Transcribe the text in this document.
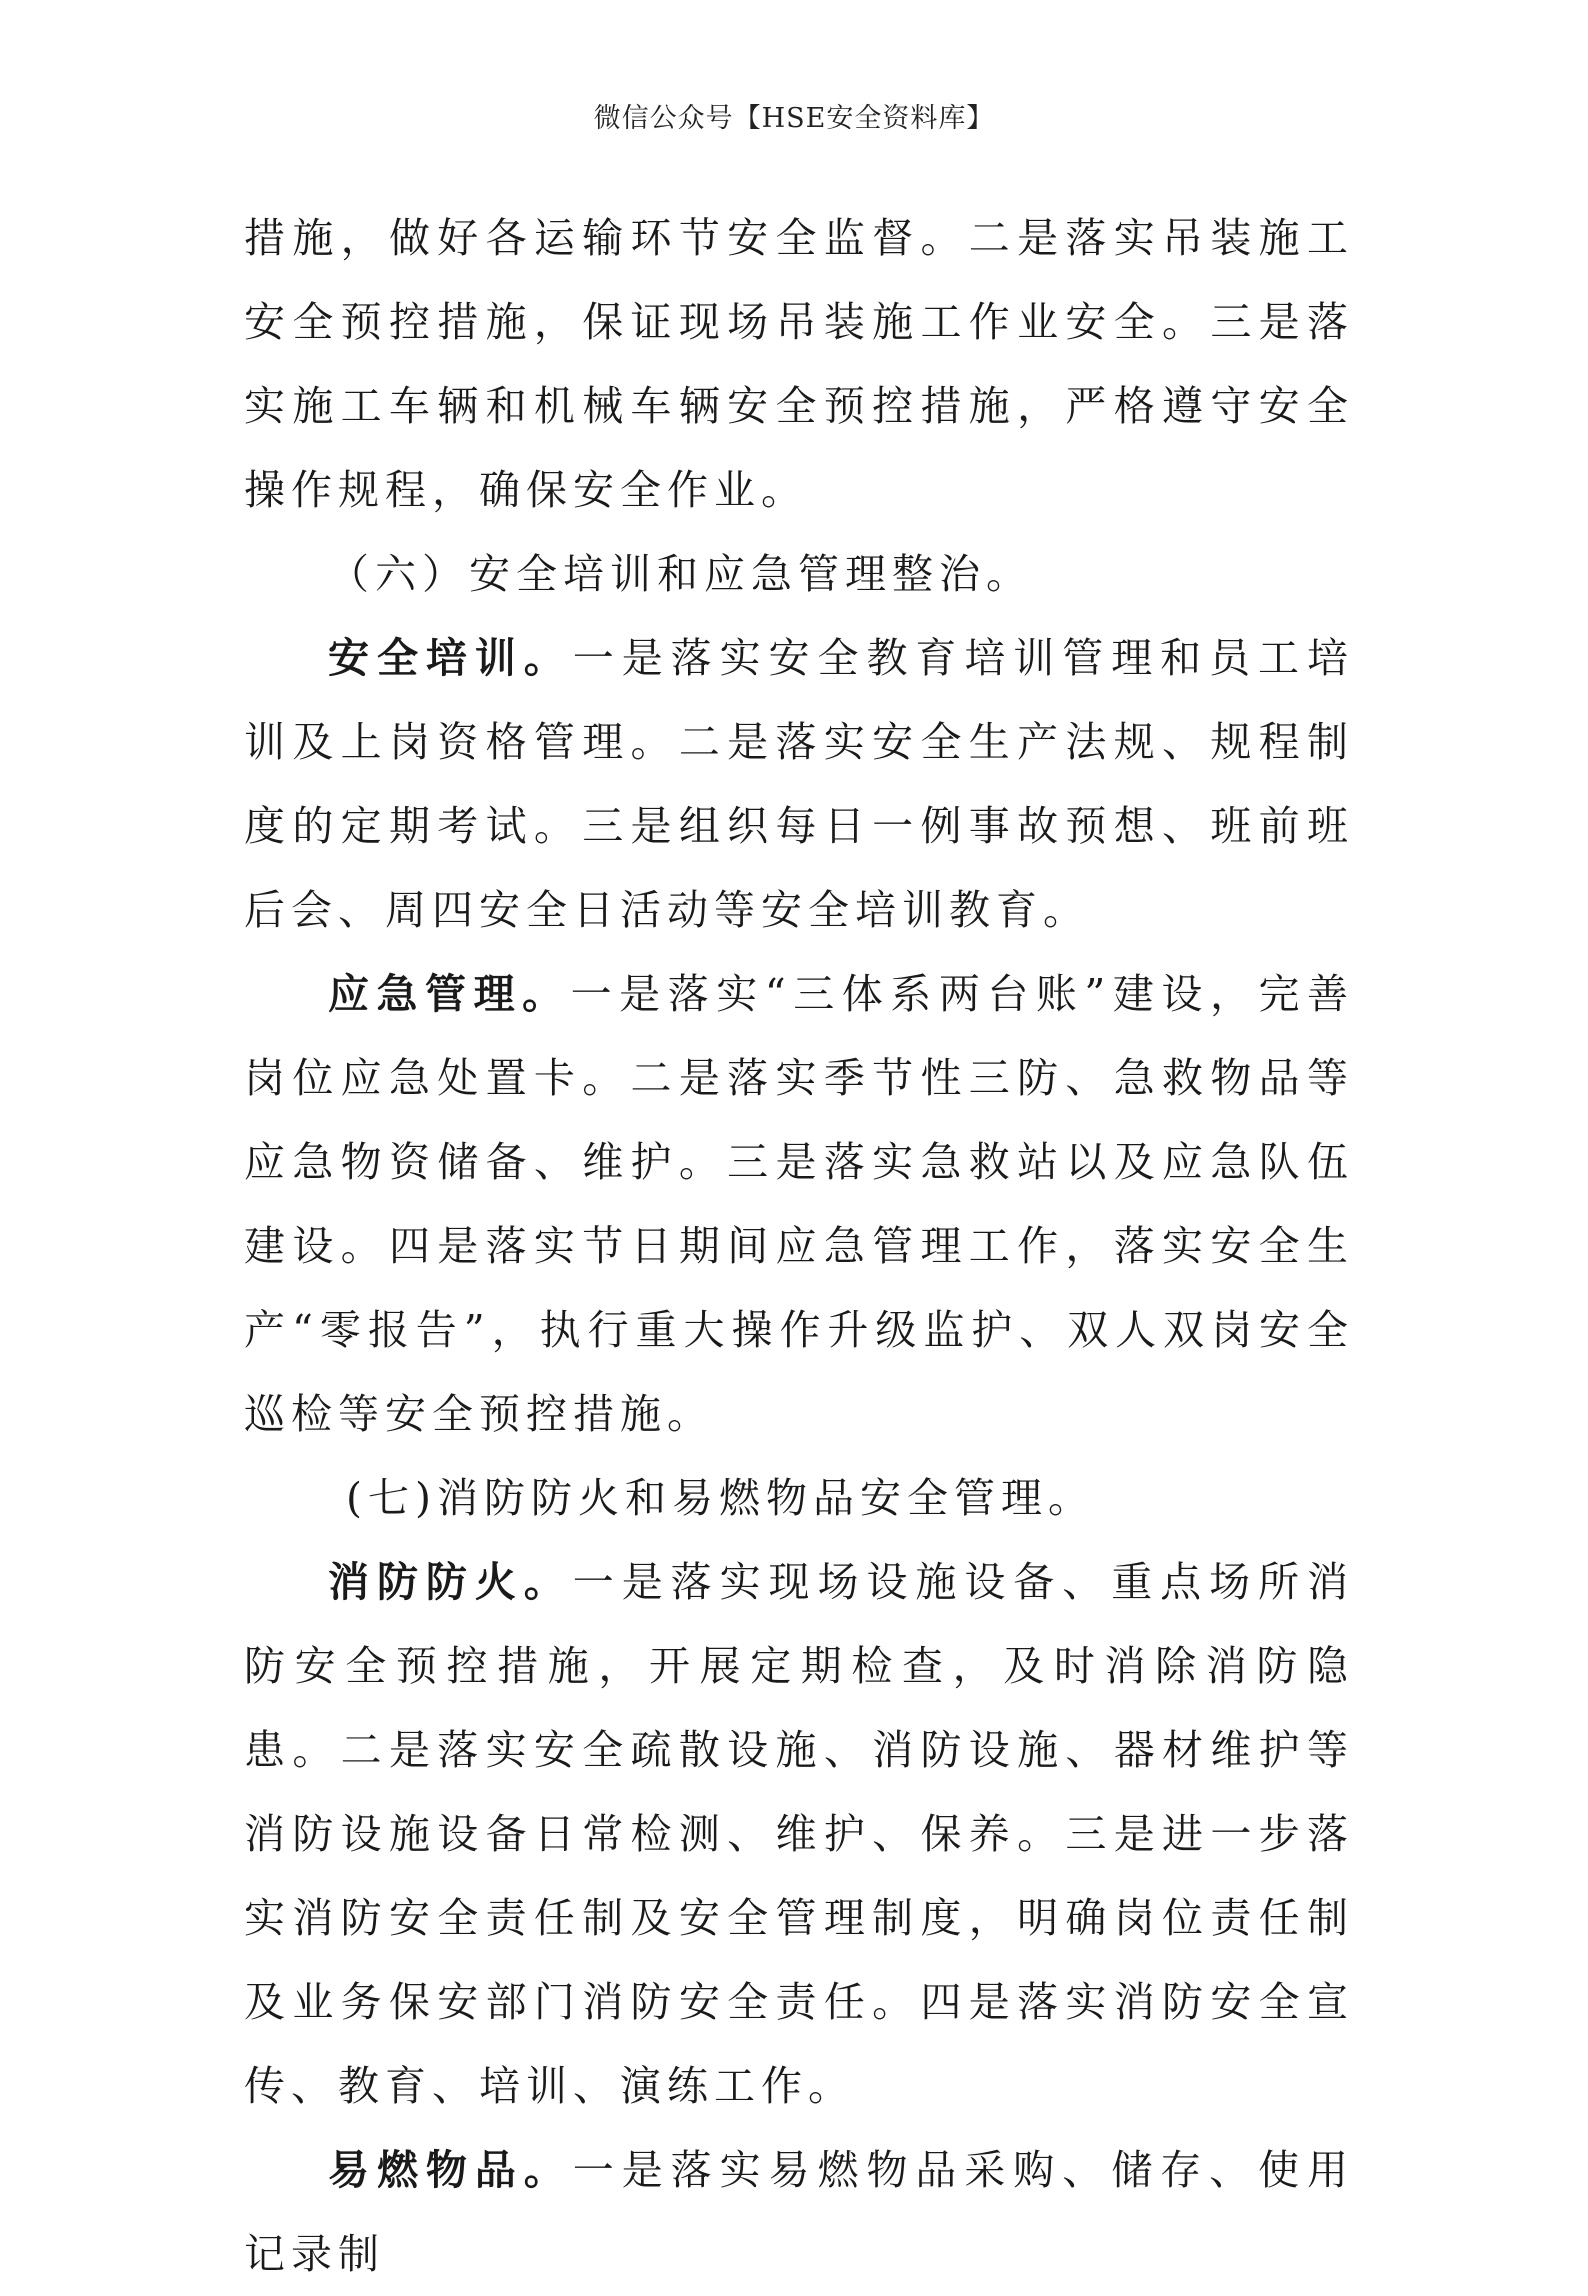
微信公众号【HSE安全资料库】

措施，做好各运输环节安全监督。二是落实吊装施工安全预控措施，保证现场吊装施工作业安全。三是落实施工车辆和机械车辆安全预控措施，严格遵守安全操作规程，确保安全作业。

（六）安全培训和应急管理整治。

安全培训。一是落实安全教育培训管理和员工培训及上岗资格管理。二是落实安全生产法规、规程制度的定期考试。三是组织每日一例事故预想、班前班后会、周四安全日活动等安全培训教育。

应急管理。一是落实“三体系两台账”建设，完善岗位应急处置卡。二是落实季节性三防、急救物品等应急物资储备、维护。三是落实急救站以及应急队伍建设。四是落实节日期间应急管理工作，落实安全生产“零报告”，执行重大操作升级监护、双人双岗安全巡检等安全预控措施。

(七)消防防火和易燃物品安全管理。

消防防火。一是落实现场设施设备、重点场所消防安全预控措施，开展定期检查，及时消除消防隐患。二是落实安全疏散设施、消防设施、器材维护等消防设施设备日常检测、维护、保养。三是进一步落实消防安全责任制及安全管理制度，明确岗位责任制及业务保安部门消防安全责任。四是落实消防安全宣传、教育、培训、演练工作。

易燃物品。一是落实易燃物品采购、储存、使用记录制
